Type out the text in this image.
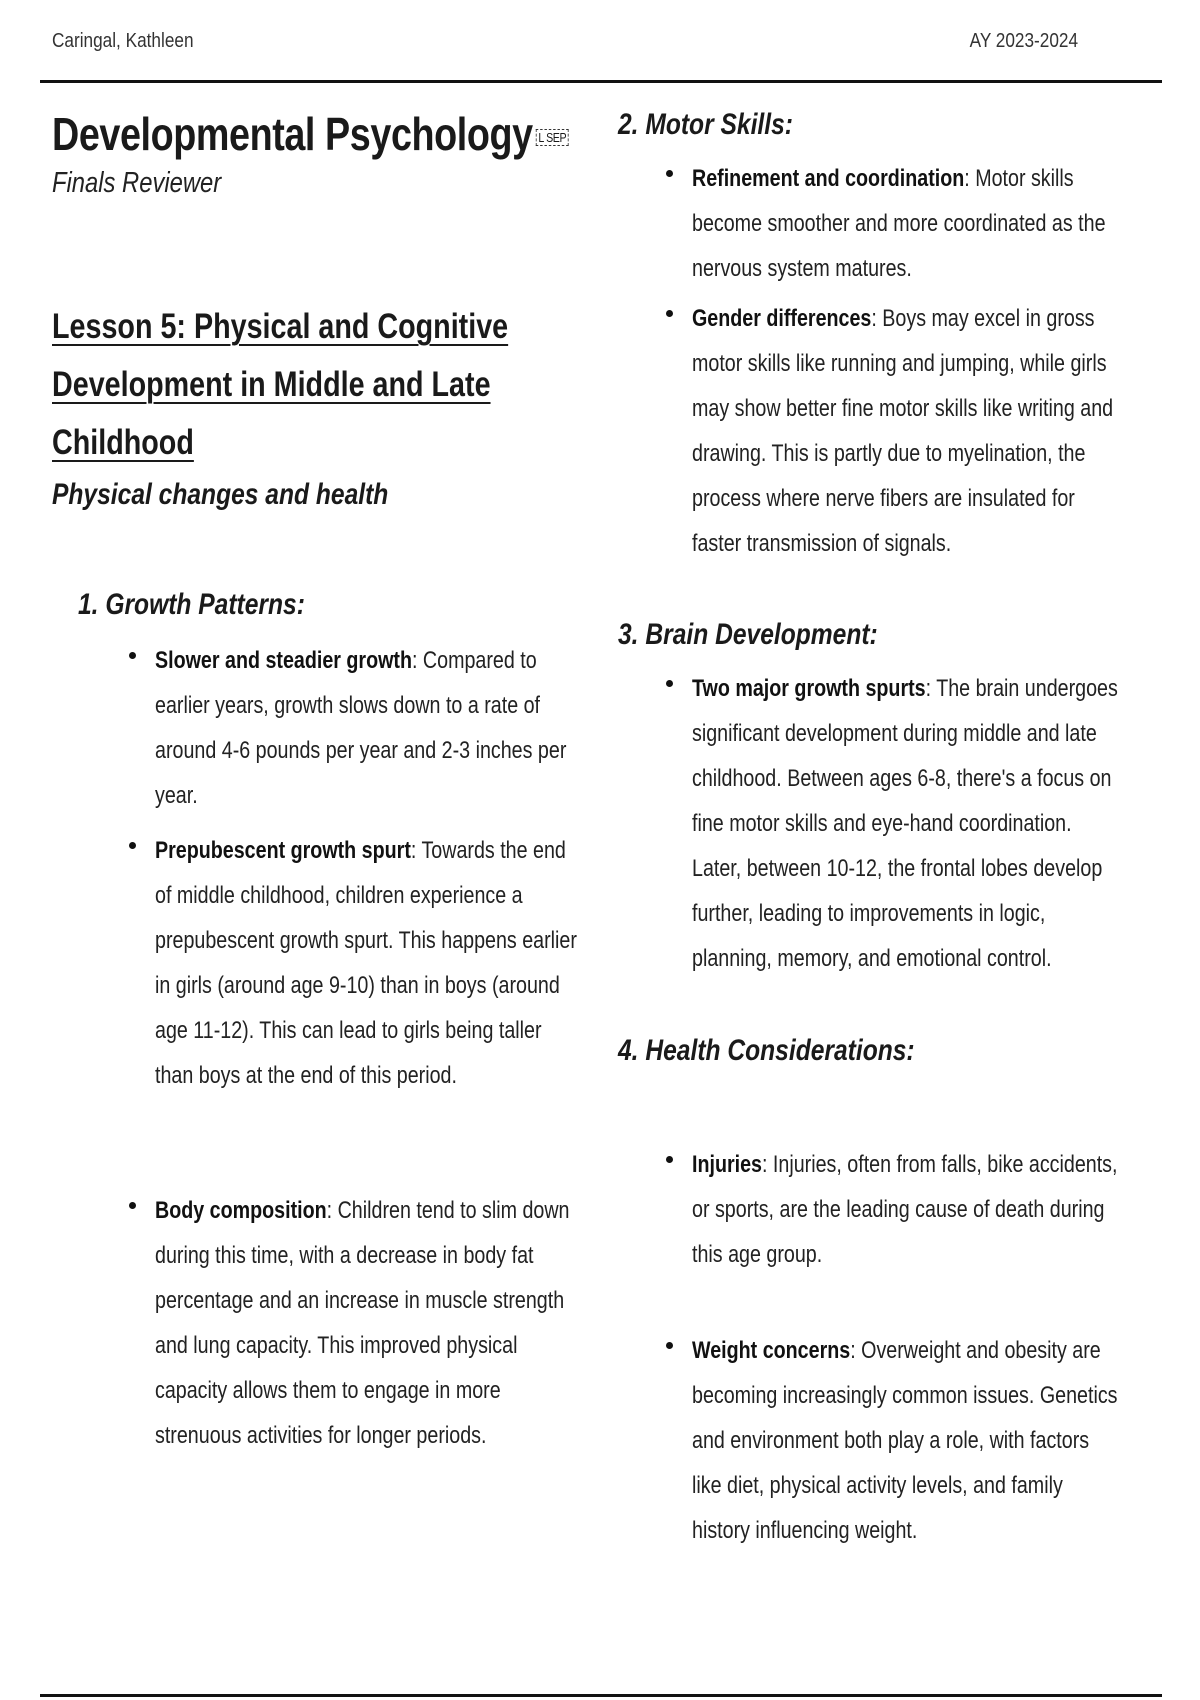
Caringal, Kathleen	AY 2023-2024
Developmental Psychology L SEP
Finals Reviewer
Lesson 5: Physical and Cognitive Development in Middle and Late Childhood
Physical changes and health
1. Growth Patterns:
Slower and steadier growth: Compared to earlier years, growth slows down to a rate of around 4-6 pounds per year and 2-3 inches per year.
Prepubescent growth spurt: Towards the end of middle childhood, children experience a prepubescent growth spurt. This happens earlier in girls (around age 9-10) than in boys (around age 11-12). This can lead to girls being taller than boys at the end of this period.
Body composition: Children tend to slim down during this time, with a decrease in body fat percentage and an increase in muscle strength and lung capacity. This improved physical capacity allows them to engage in more strenuous activities for longer periods.
2. Motor Skills:
Refinement and coordination: Motor skills become smoother and more coordinated as the nervous system matures.
Gender differences: Boys may excel in gross motor skills like running and jumping, while girls may show better fine motor skills like writing and drawing. This is partly due to myelination, the process where nerve fibers are insulated for faster transmission of signals.
3. Brain Development:
Two major growth spurts: The brain undergoes significant development during middle and late childhood. Between ages 6-8, there's a focus on fine motor skills and eye-hand coordination. Later, between 10-12, the frontal lobes develop further, leading to improvements in logic, planning, memory, and emotional control.
4. Health Considerations:
Injuries: Injuries, often from falls, bike accidents, or sports, are the leading cause of death during this age group.
Weight concerns: Overweight and obesity are becoming increasingly common issues. Genetics and environment both play a role, with factors like diet, physical activity levels, and family history influencing weight.
